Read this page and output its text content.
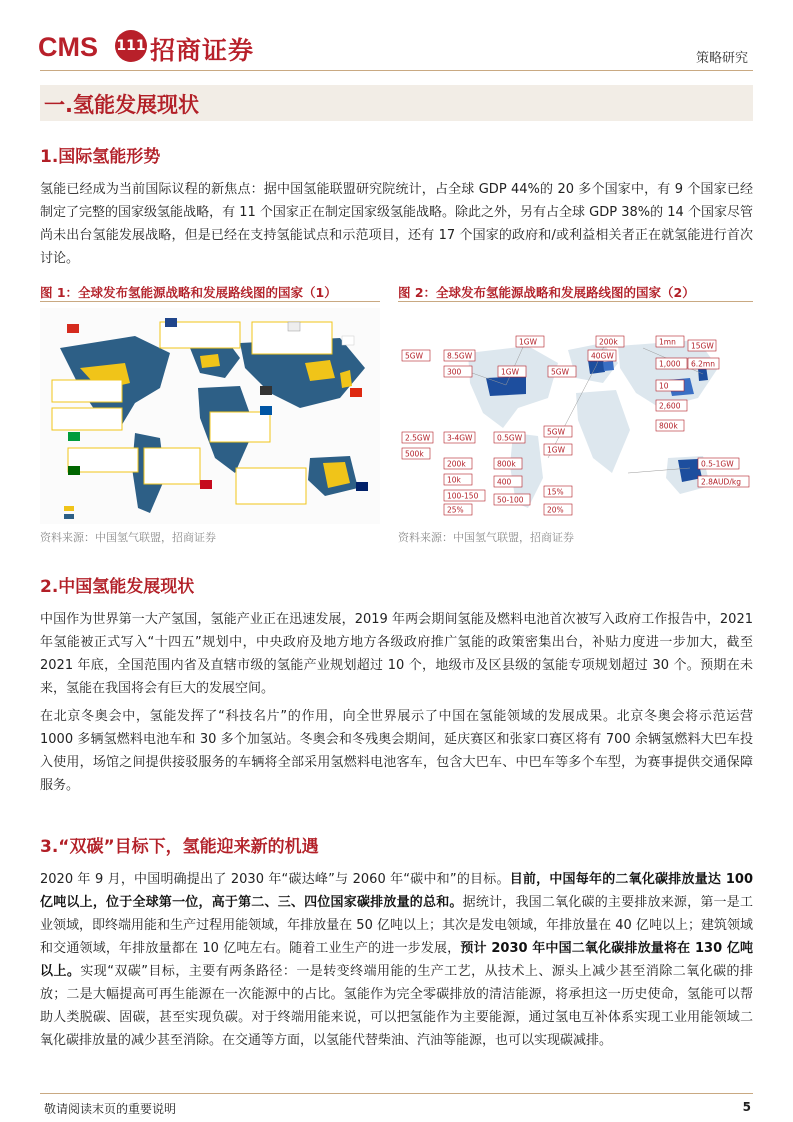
CMS 111 招商证券	策略研究
一.氢能发展现状
1.国际氢能形势
氢能已经成为当前国际议程的新焦点：据中国氢能联盟研究院统计，占全球 GDP 44%的 20 多个国家中，有 9 个国家已经制定了完整的国家级氢能战略，有 11 个国家正在制定国家级氢能战略。除此之外，另有占全球 GDP 38%的 14 个国家尽管尚未出台氢能发展战略，但是已经在支持氢能试点和示范项目，还有 17 个国家的政府和/或利益相关者正在就氢能进行首次讨论。
图 1：全球发布氢能源战略和发展路线图的国家（1）
资料来源：中国氢气联盟，招商证券
图 2：全球发布氢能源战略和发展路线图的国家（2）
5GW	8.5GW
1GW
40GW
300	1GW	5GW
200k	1mn
1,000
10
2,600
800k
15GW
6.2mn
3-4GW	0.5GW
200k	800k	0.5-1GW
2.8AUD/kg
5GW
1GW
2.5GW
500k
10k
100-150
400
50-100
25%
15%
20%
资料来源：中国氢气联盟，招商证券
2.中国氢能发展现状
中国作为世界第一大产氢国，氢能产业正在迅速发展，2019 年两会期间氢能及燃料电池首次被写入政府工作报告中，2021 年氢能被正式写入“十四五”规划中，中央政府及地方地方各级政府推广氢能的政策密集出台，补贴力度进一步加大，截至 2021 年底，全国范围内省及直辖市级的氢能产业规划超过 10 个，地级市及区县级的氢能专项规划超过 30 个。预期在未来，氢能在我国将会有巨大的发展空间。
在北京冬奥会中，氢能发挥了“科技名片”的作用，向全世界展示了中国在氢能领域的发展成果。北京冬奥会将示范运营 1000 多辆氢燃料电池车和 30 多个加氢站。冬奥会和冬残奥会期间，延庆赛区和张家口赛区将有 700 余辆氢燃料大巴车投入使用，场馆之间提供接驳服务的车辆将全部采用氢燃料电池客车，包含大巴车、中巴车等多个车型，为赛事提供交通保障服务。
3.“双碳”目标下，氢能迎来新的机遇
2020 年 9 月，中国明确提出了 2030 年“碳达峰”与 2060 年“碳中和”的目标。目前，中国每年的二氧化碳排放量达 100 亿吨以上，位于全球第一位，高于第二、三、四位国家碳排放量的总和。据统计，我国二氧化碳的主要排放来源，第一是工业领域，即终端用能和生产过程用能领域，年排放量在 50 亿吨以上；其次是发电领域，年排放量在 40 亿吨以上；建筑领域和交通领域，年排放量都在 10 亿吨左右。随着工业生产的进一步发展，预计 2030 年中国二氧化碳排放量将在 130 亿吨以上。实现“双碳”目标，主要有两条路径：一是转变终端用能的生产工艺，从技术上、源头上减少甚至消除二氧化碳的排放；二是大幅提高可再生能源在一次能源中的占比。氢能作为完全零碳排放的清洁能源，将承担这一历史使命，氢能可以帮助人类脱碳、固碳，甚至实现负碳。对于终端用能来说，可以把氢能作为主要能源，通过氢电互补体系实现工业用能领域二氧化碳排放量的减少甚至消除。在交通等方面，以氢能代替柴油、汽油等能源，也可以实现碳减排。
敬请阅读末页的重要说明	5
